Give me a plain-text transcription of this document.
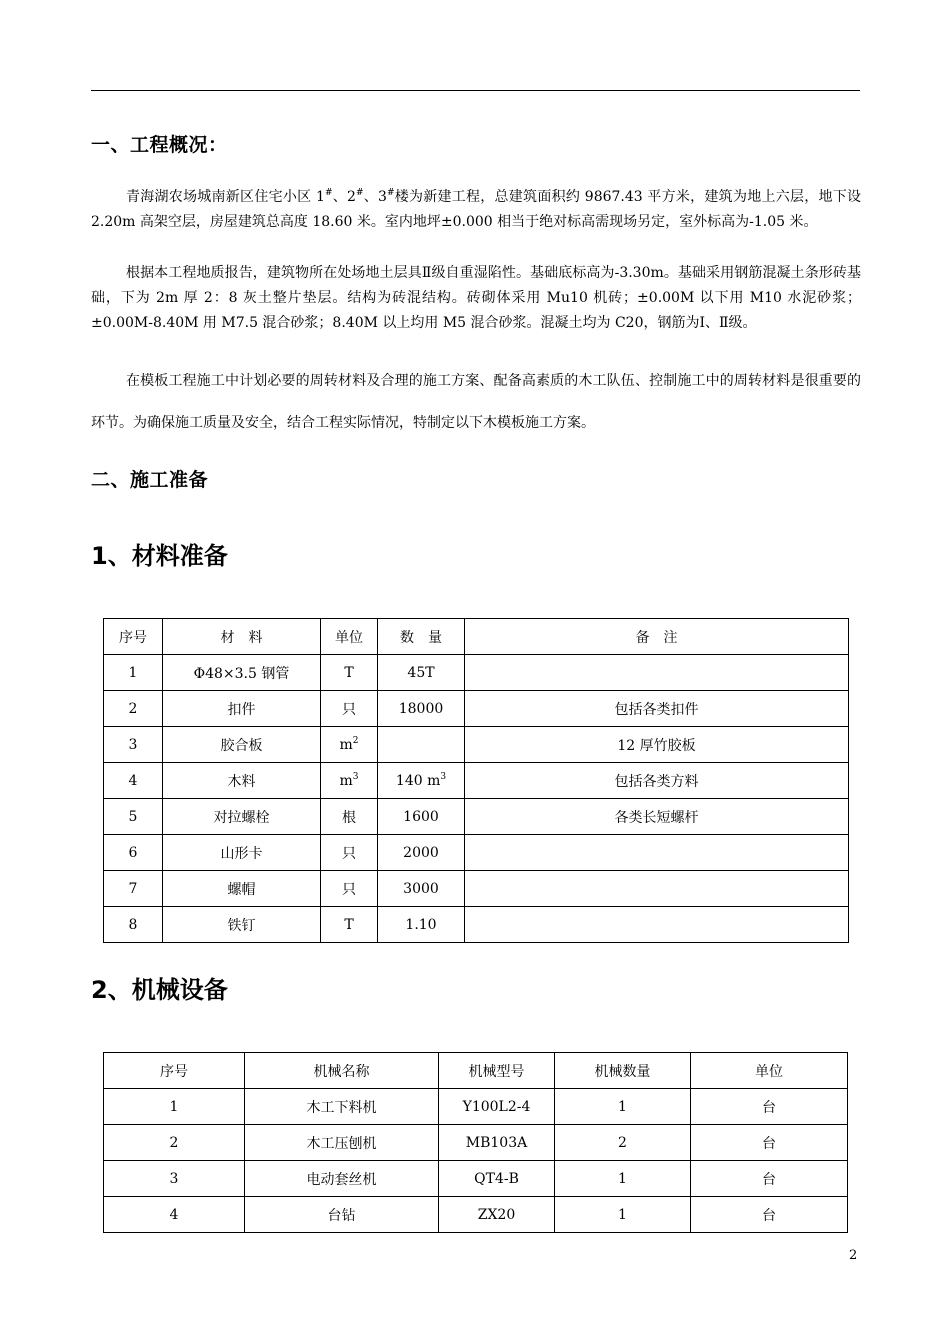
一、工程概况：
青海湖农场城南新区住宅小区 1#、2#、3#楼为新建工程，总建筑面积约 9867.43 平方米，建筑为地上六层，地下设 2.20m 高架空层，房屋建筑总高度 18.60 米。室内地坪±0.000 相当于绝对标高需现场另定，室外标高为-1.05 米。
根据本工程地质报告，建筑物所在处场地土层具Ⅱ级自重湿陷性。基础底标高为-3.30m。基础采用钢筋混凝土条形砖基础，下为 2m 厚 2：8 灰土整片垫层。结构为砖混结构。砖砌体采用 Mu10 机砖；±0.00M 以下用 M10 水泥砂浆；±0.00M-8.40M 用 M7.5 混合砂浆；8.40M 以上均用 M5 混合砂浆。混凝土均为 C20，钢筋为Ⅰ、Ⅱ级。
在模板工程施工中计划必要的周转材料及合理的施工方案、配备高素质的木工队伍、控制施工中的周转材料是很重要的环节。为确保施工质量及安全，结合工程实际情况，特制定以下木模板施工方案。
二、施工准备
1、材料准备
序号	材　料	单位	数　量	备　注
1	Φ48×3.5 钢管	T	45T	
2	扣件	只	18000	包括各类扣件
3	胶合板	$m^2$		12 厚竹胶板
4	木料	$m^3$	140 $m^3$	包括各类方料
5	对拉螺栓	根	1600	各类长短螺杆
6	山形卡	只	2000	
7	螺帽	只	3000	
8	铁钉	T	1.10	
2、机械设备
序号	机械名称	机械型号	机械数量	单位
1	木工下料机	Y100L2-4	1	台
2	木工压刨机	MB103A	2	台
3	电动套丝机	QT4-B	1	台
4	台钻	ZX20	1	台
2
